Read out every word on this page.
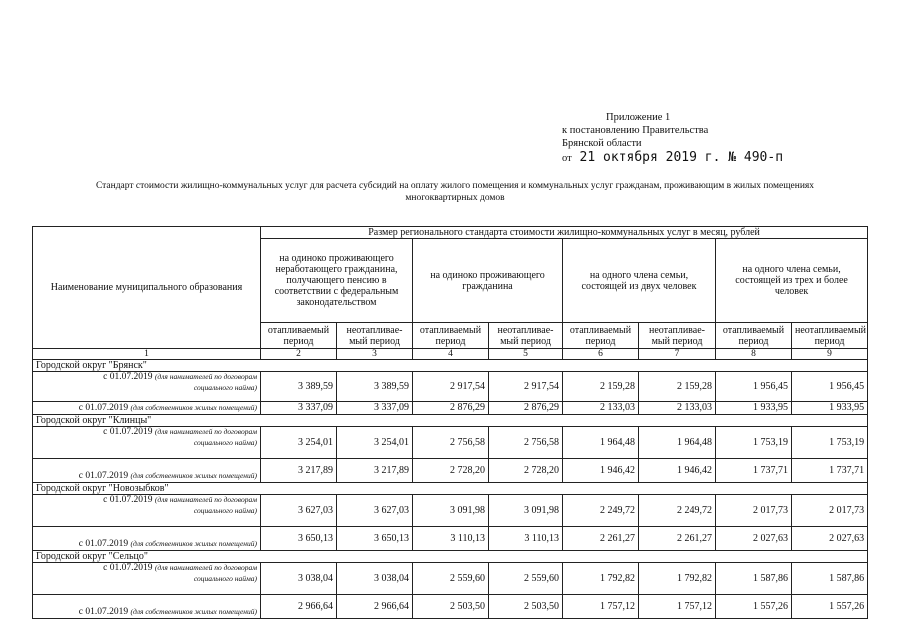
Приложение 1
к постановлению Правительства
Брянской области
от 21 октября 2019 г. № 490-п
Стандарт стоимости жилищно-коммунальных услуг для расчета субсидий на оплату жилого помещения и коммунальных услуг гражданам, проживающим в жилых помещениях
многоквартирных домов
Наименование муниципального образования	Размер регионального стандарта стоимости жилищно-коммунальных услуг в месяц, рублей							
	на одиноко проживающего неработающего гражданина, получающего пенсию в соответствии с федеральным законодательством		на одиноко проживающего гражданина		на одного члена семьи, состоящей из двух человек		на одного члена семьи, состоящей из трех и более человек	
	отапливаемый период	неотапливае-мый период	отапливаемый период	неотапливае-мый период	отапливаемый период	неотапливае-мый период	отапливаемый период	неотапливаемый период
1	2	3	4	5	6	7	8	9
Городской округ "Брянск"								

с 01.07.2019 (для нанимателей по договорам
социального найма)	3 389,59	3 389,59	2 917,54	2 917,54	2 159,28	2 159,28	1 956,45	1 956,45
с 01.07.2019 (для собственников жилых помещений)	3 337,09	3 337,09	2 876,29	2 876,29	2 133,03	2 133,03	1 933,95	1 933,95
Городской округ "Клинцы"								

с 01.07.2019 (для нанимателей по договорам
социального найма)	3 254,01	3 254,01	2 756,58	2 756,58	1 964,48	1 964,48	1 753,19	1 753,19
с 01.07.2019 (для собственников жилых помещений)	3 217,89	3 217,89	2 728,20	2 728,20	1 946,42	1 946,42	1 737,71	1 737,71
Городской округ "Новозыбков"								

с 01.07.2019 (для нанимателей по договорам
социального найма)	3 627,03	3 627,03	3 091,98	3 091,98	2 249,72	2 249,72	2 017,73	2 017,73
с 01.07.2019 (для собственников жилых помещений)	3 650,13	3 650,13	3 110,13	3 110,13	2 261,27	2 261,27	2 027,63	2 027,63
Городской округ "Сельцо"								

с 01.07.2019 (для нанимателей по договорам
социального найма)	3 038,04	3 038,04	2 559,60	2 559,60	1 792,82	1 792,82	1 587,86	1 587,86
с 01.07.2019 (для собственников жилых помещений)	2 966,64	2 966,64	2 503,50	2 503,50	1 757,12	1 757,12	1 557,26	1 557,26
